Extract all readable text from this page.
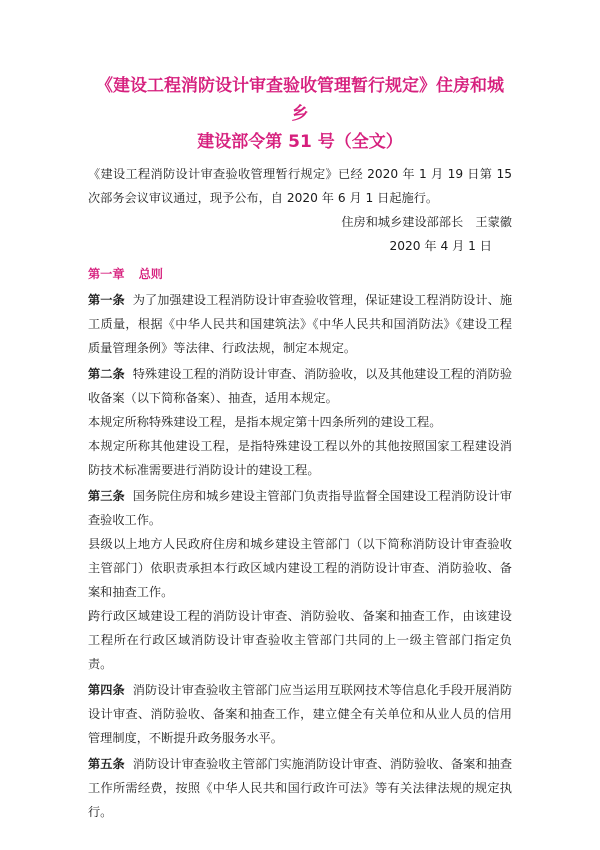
《建设工程消防设计审查验收管理暂行规定》住房和城乡
建设部令第 51 号（全文）

《建设工程消防设计审查验收管理暂行规定》已经 2020 年 1 月 19 日第 15 次部务会议审议通过，现予公布，自 2020 年 6 月 1 日起施行。

住房和城乡建设部部长　王蒙徽

2020 年 4 月 1 日

第一章 总则

第一条 为了加强建设工程消防设计审查验收管理，保证建设工程消防设计、施工质量，根据《中华人民共和国建筑法》《中华人民共和国消防法》《建设工程质量管理条例》等法律、行政法规，制定本规定。

第二条 特殊建设工程的消防设计审查、消防验收，以及其他建设工程的消防验收备案（以下简称备案）、抽查，适用本规定。

本规定所称特殊建设工程，是指本规定第十四条所列的建设工程。

本规定所称其他建设工程，是指特殊建设工程以外的其他按照国家工程建设消防技术标准需要进行消防设计的建设工程。

第三条 国务院住房和城乡建设主管部门负责指导监督全国建设工程消防设计审查验收工作。

县级以上地方人民政府住房和城乡建设主管部门（以下简称消防设计审查验收主管部门）依职责承担本行政区域内建设工程的消防设计审查、消防验收、备案和抽查工作。

跨行政区域建设工程的消防设计审查、消防验收、备案和抽查工作，由该建设工程所在行政区域消防设计审查验收主管部门共同的上一级主管部门指定负责。

第四条 消防设计审查验收主管部门应当运用互联网技术等信息化手段开展消防设计审查、消防验收、备案和抽查工作，建立健全有关单位和从业人员的信用管理制度，不断提升政务服务水平。

第五条 消防设计审查验收主管部门实施消防设计审查、消防验收、备案和抽查工作所需经费，按照《中华人民共和国行政许可法》等有关法律法规的规定执行。
